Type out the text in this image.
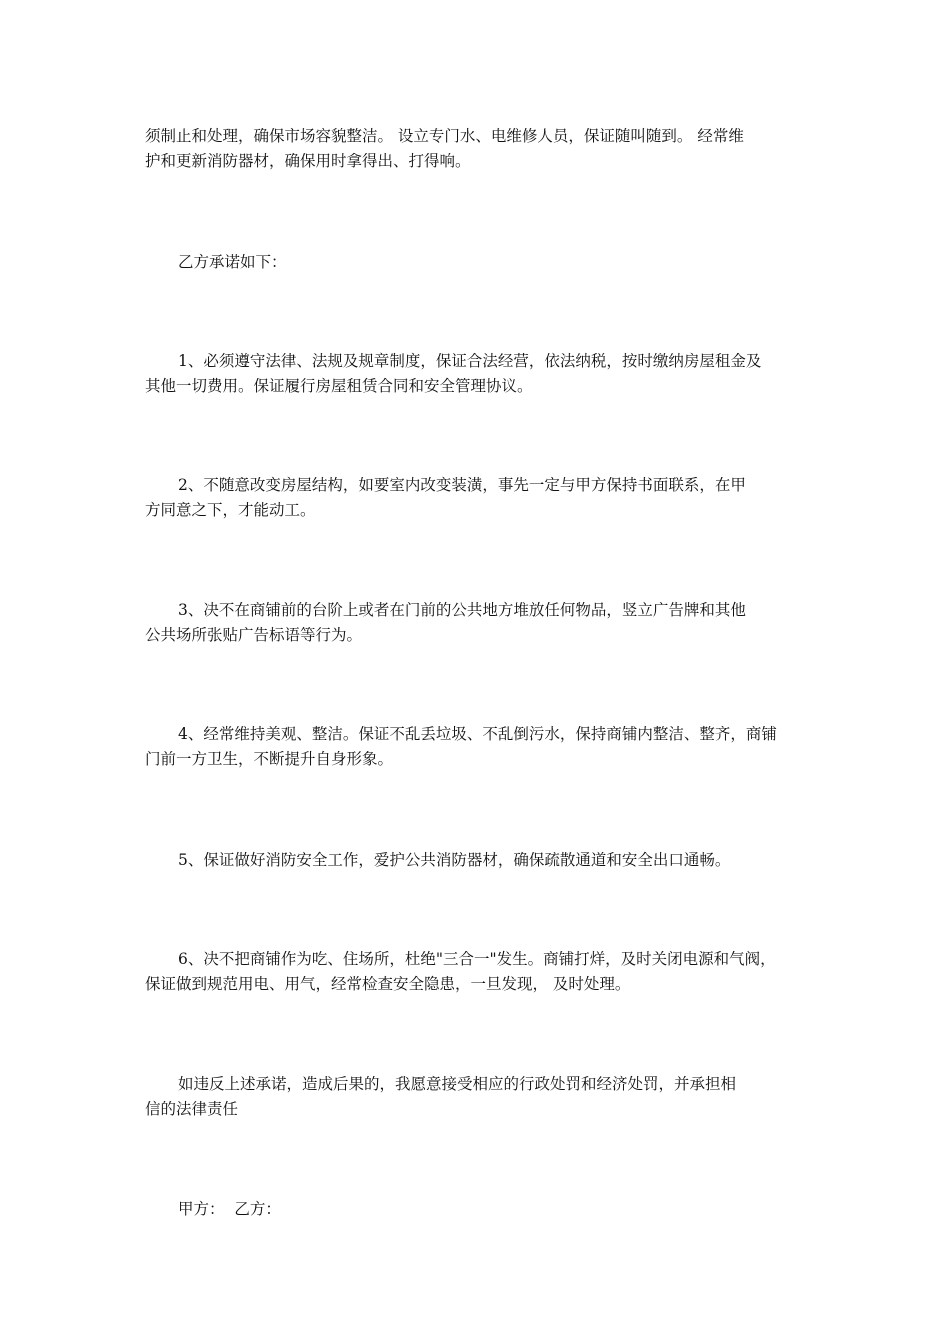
须制止和处理，确保市场容貌整洁。 设立专门水、电维修人员，保证随叫随到。 经常维
护和更新消防器材，确保用时拿得出、打得响。

乙方承诺如下：

1、必须遵守法律、法规及规章制度，保证合法经营，依法纳税，按时缴纳房屋租金及
其他一切费用。保证履行房屋租赁合同和安全管理协议。

2、不随意改变房屋结构，如要室内改变装潢，事先一定与甲方保持书面联系，在甲
方同意之下，才能动工。

3、决不在商铺前的台阶上或者在门前的公共地方堆放任何物品，竖立广告牌和其他
公共场所张贴广告标语等行为。

4、经常维持美观、整洁。保证不乱丢垃圾、不乱倒污水，保持商铺内整洁、整齐，商铺
门前一方卫生，不断提升自身形象。

5、保证做好消防安全工作，爱护公共消防器材，确保疏散通道和安全出口通畅。

6、决不把商铺作为吃、住场所，杜绝"三合一"发生。商铺打烊，及时关闭电源和气阀，
保证做到规范用电、用气，经常检查安全隐患，一旦发现， 及时处理。

如违反上述承诺，造成后果的，我愿意接受相应的行政处罚和经济处罚，并承担相
信的法律责任

甲方：  乙方：
